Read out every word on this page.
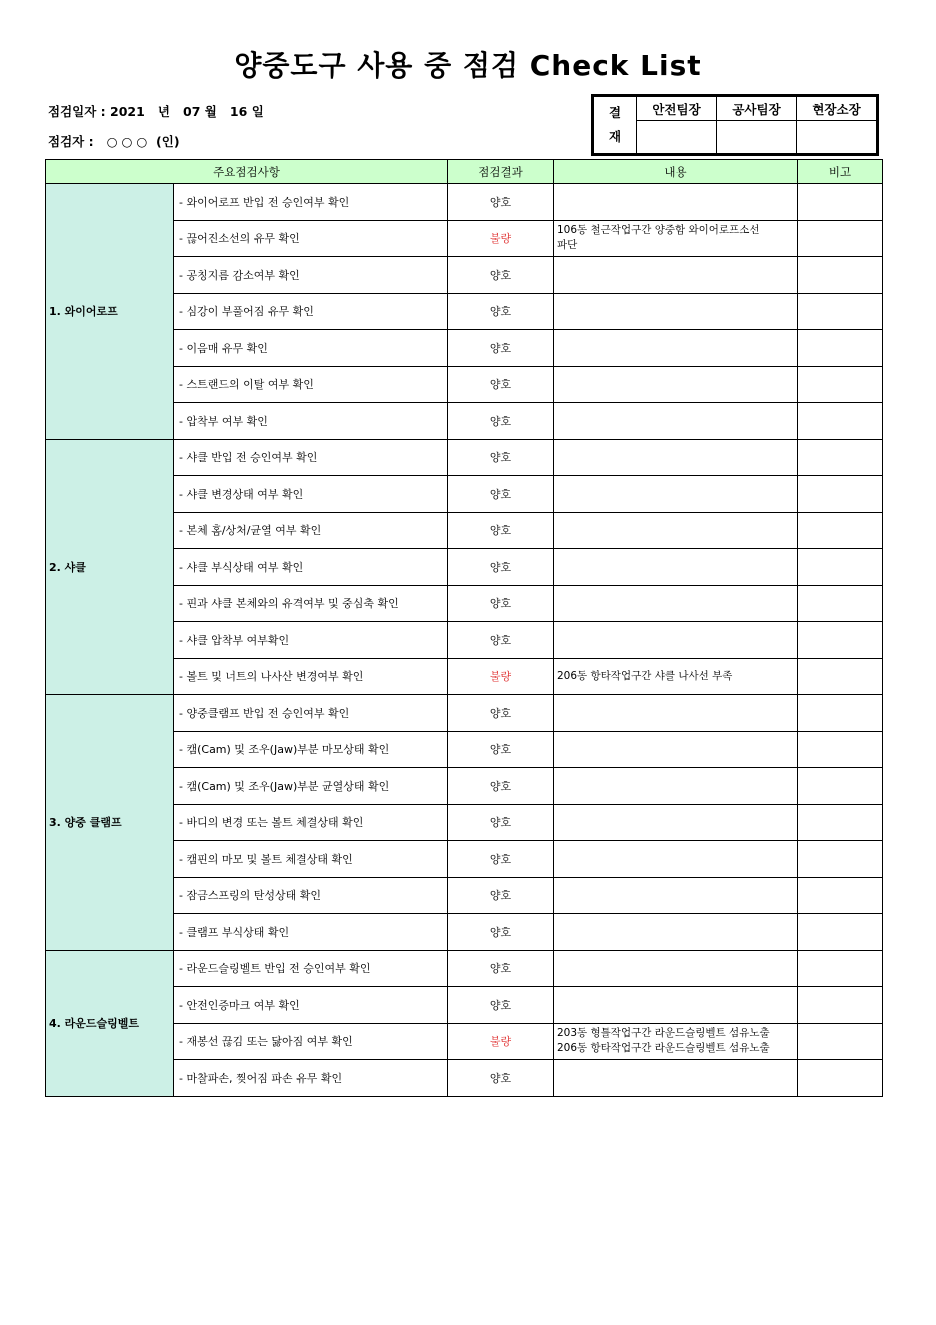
양중도구 사용 중 점검 Check List
점검일자 : 2021 년 07 월 16 일
점검자 : ○ ○ ○ (인)
결
재	안전팀장	공사팀장	현장소장

주요점검사항		점검결과	내용	비고
1. 와이어로프	- 와이어로프 반입 전 승인여부 확인	양호		
	- 끊어진소선의 유무 확인	불량	106동 철근작업구간 양중함 와이어로프소선
파단	
	- 공칭지름 감소여부 확인	양호		
	- 심강이 부풀어짐 유무 확인	양호		
	- 이음매 유무 확인	양호		
	- 스트랜드의 이탈 여부 확인	양호		
	- 압착부 여부 확인	양호		
2. 샤클	- 샤클 반입 전 승인여부 확인	양호		
	- 샤클 변경상태 여부 확인	양호		
	- 본체 홈/상처/균열 여부 확인	양호		
	- 샤클 부식상태 여부 확인	양호		
	- 핀과 샤클 본체와의 유격여부 및 중심축 확인	양호		
	- 샤클 압착부 여부확인	양호		
	- 볼트 및 너트의 나사산 변경여부 확인	불량	206동 항타작업구간 샤클 나사선 부족	
3. 양중 클램프	- 양중클램프 반입 전 승인여부 확인	양호		
	- 캠(Cam) 및 조우(Jaw)부분 마모상태 확인	양호		
	- 캠(Cam) 및 조우(Jaw)부분 균열상태 확인	양호		
	- 바디의 변경 또는 볼트 체결상태 확인	양호		
	- 캠핀의 마모 및 볼트 체결상태 확인	양호		
	- 잠금스프링의 탄성상태 확인	양호		
	- 클램프 부식상태 확인	양호		
4. 라운드슬링벨트	- 라운드슬링벨트 반입 전 승인여부 확인	양호		
	- 안전인증마크 여부 확인	양호		
	- 재봉선 끊김 또는 닳아짐 여부 확인	불량	203동 형틀작업구간 라운드슬링벨트 섬유노출
206동 항타작업구간 라운드슬링벨트 섬유노출	
	- 마찰파손, 찢어짐 파손 유무 확인	양호		
